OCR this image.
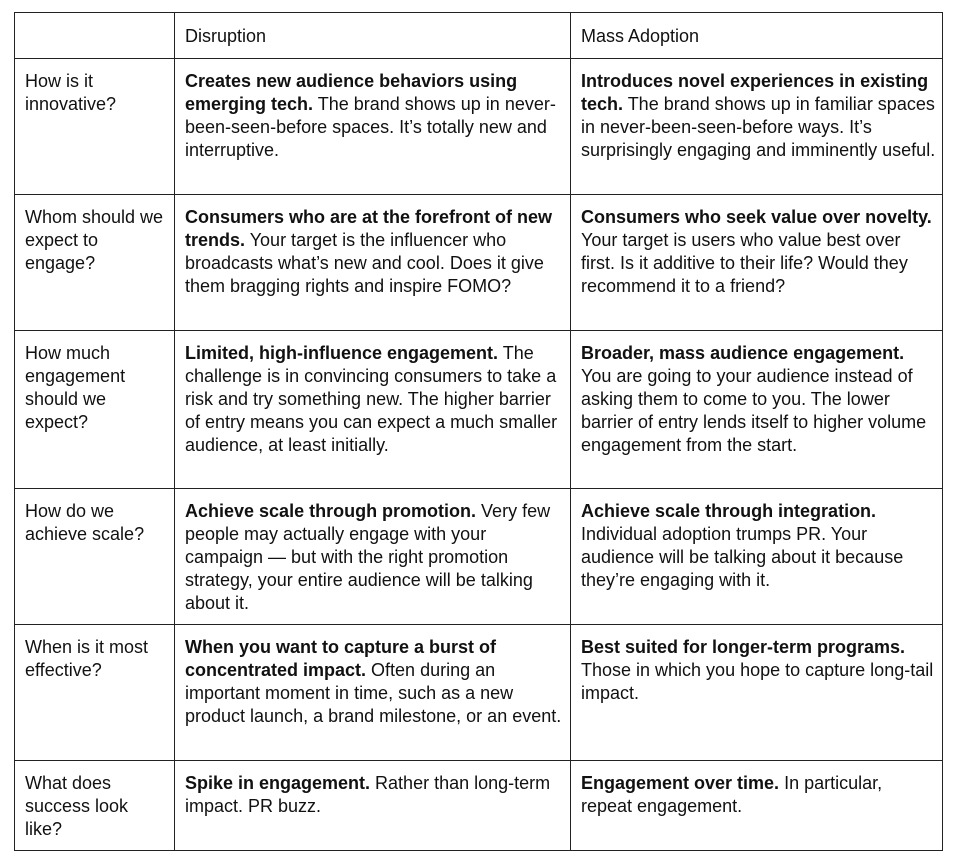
	Disruption	Mass Adoption
How is it innovative?	Creates new audience behaviors using emerging tech. The brand shows up in never-been-seen-before spaces. It’s totally new and interruptive.	Introduces novel experiences in existing tech. The brand shows up in familiar spaces in never-been-seen-before ways. It’s surprisingly engaging and imminently useful.
Whom should we expect to engage?	Consumers who are at the forefront of new trends. Your target is the influencer who broadcasts what’s new and cool. Does it give them bragging rights and inspire FOMO?	Consumers who seek value over novelty. Your target is users who value best over first. Is it additive to their life? Would they recommend it to a friend?
How much engagement should we expect?	Limited, high-influence engagement. The challenge is in convincing consumers to take a risk and try something new. The higher barrier of entry means you can expect a much smaller audience, at least initially.	Broader, mass audience engagement. You are going to your audience instead of asking them to come to you. The lower barrier of entry lends itself to higher volume engagement from the start.
How do we achieve scale?	Achieve scale through promotion. Very few people may actually engage with your campaign — but with the right promotion strategy, your entire audience will be talking about it.	Achieve scale through integration. Individual adoption trumps PR. Your audience will be talking about it because they’re engaging with it.
When is it most effective?	When you want to capture a burst of concentrated impact. Often during an important moment in time, such as a new product launch, a brand milestone, or an event.	Best suited for longer-term programs. Those in which you hope to capture long-tail impact.
What does success look like?	Spike in engagement. Rather than long-term impact. PR buzz.	Engagement over time. In particular, repeat engagement.
